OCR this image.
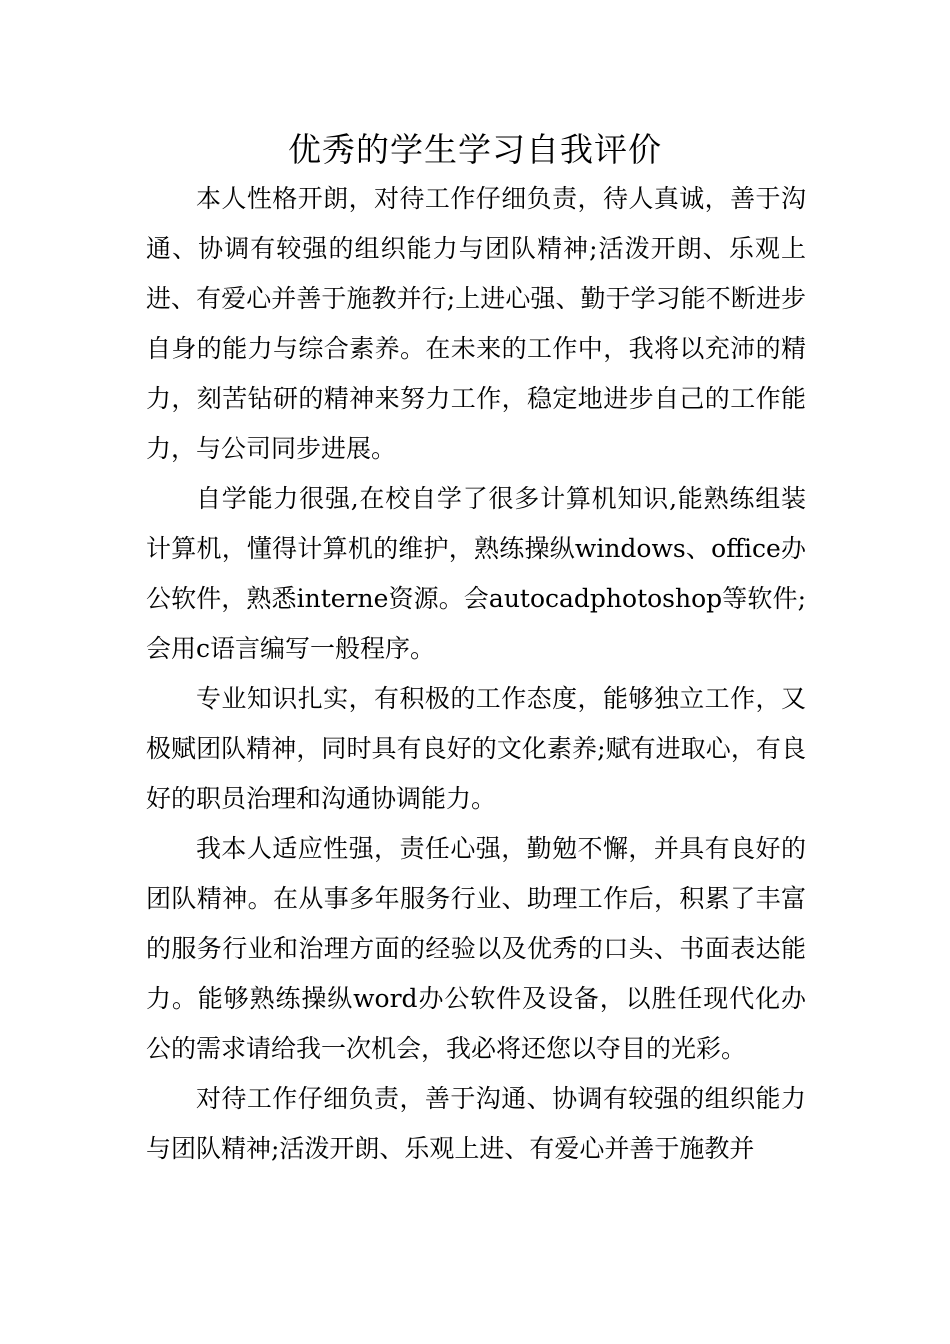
优秀的学生学习自我评价

本人性格开朗，对待工作仔细负责，待人真诚，善于沟通、协调有较强的组织能力与团队精神;活泼开朗、乐观上进、有爱心并善于施教并行;上进心强、勤于学习能不断进步自身的能力与综合素养。在未来的工作中，我将以充沛的精力，刻苦钻研的精神来努力工作，稳定地进步自己的工作能力，与公司同步进展。

自学能力很强,在校自学了很多计算机知识,能熟练组装计算机，懂得计算机的维护，熟练操纵windows、office办公软件，熟悉interne资源。会autocadphotoshop等软件;会用c语言编写一般程序。

专业知识扎实，有积极的工作态度，能够独立工作，又极赋团队精神，同时具有良好的文化素养;赋有进取心，有良好的职员治理和沟通协调能力。

我本人适应性强，责任心强，勤勉不懈，并具有良好的团队精神。在从事多年服务行业、助理工作后，积累了丰富的服务行业和治理方面的经验以及优秀的口头、书面表达能力。能够熟练操纵word办公软件及设备，以胜任现代化办公的需求请给我一次机会，我必将还您以夺目的光彩。

对待工作仔细负责，善于沟通、协调有较强的组织能力与团队精神;活泼开朗、乐观上进、有爱心并善于施教并
